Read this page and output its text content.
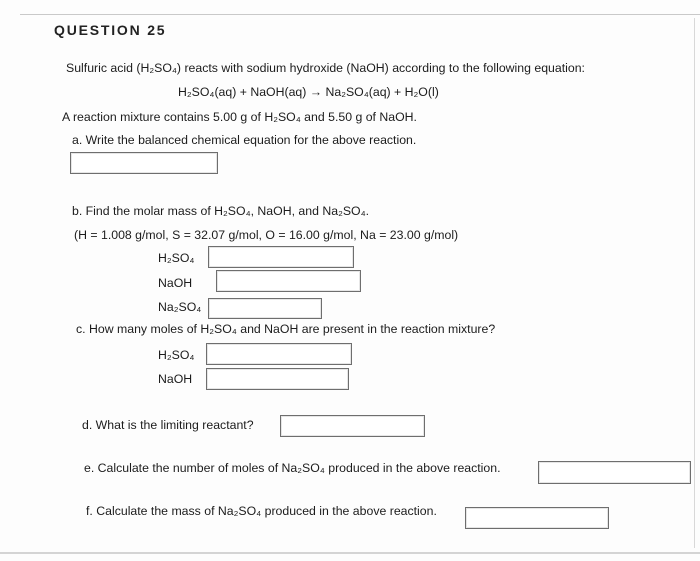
QUESTION 25
Sulfuric acid (H₂SO₄) reacts with sodium hydroxide (NaOH) according to the following equation:
H₂SO₄(aq) + NaOH(aq) → Na₂SO₄(aq) + H₂O(l)
A reaction mixture contains 5.00 g of H₂SO₄ and 5.50 g of NaOH.
a. Write the balanced chemical equation for the above reaction.
b. Find the molar mass of H₂SO₄, NaOH, and Na₂SO₄.
(H = 1.008 g/mol, S = 32.07 g/mol, O = 16.00 g/mol, Na = 23.00 g/mol)
H₂SO₄
NaOH
Na₂SO₄
c. How many moles of H₂SO₄ and NaOH are present in the reaction mixture?
H₂SO₄
NaOH
d. What is the limiting reactant?
e. Calculate the number of moles of Na₂SO₄ produced in the above reaction.
f. Calculate the mass of Na₂SO₄ produced in the above reaction.
